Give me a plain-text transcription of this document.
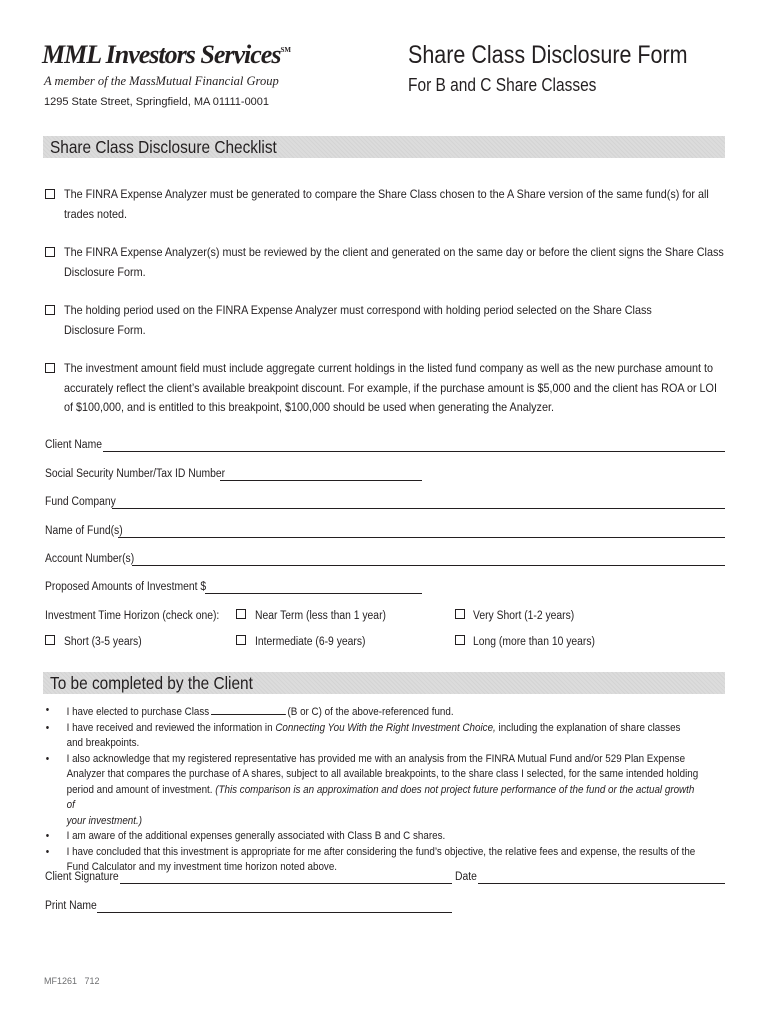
MML Investors Services℠
A member of the MassMutual Financial Group
1295 State Street, Springfield, MA 01111-0001
Share Class Disclosure Form
For B and C Share Classes
Share Class Disclosure Checklist
The FINRA Expense Analyzer must be generated to compare the Share Class chosen to the A Share version of the same fund(s) for all
trades noted.
The FINRA Expense Analyzer(s) must be reviewed by the client and generated on the same day or before the client signs the Share Class
Disclosure Form.
The holding period used on the FINRA Expense Analyzer must correspond with holding period selected on the Share Class
Disclosure Form.
The investment amount field must include aggregate current holdings in the listed fund company as well as the new purchase amount to
accurately reflect the client’s available breakpoint discount. For example, if the purchase amount is $5,000 and the client has ROA or LOI
of $100,000, and is entitled to this breakpoint, $100,000 should be used when generating the Analyzer.
Client Name
Social Security Number/Tax ID Number
Fund Company
Name of Fund(s)
Account Number(s)
Proposed Amounts of Investment $
Investment Time Horizon (check one):	Near Term (less than 1 year)	Very Short (1-2 years)
Short (3-5 years)	Intermediate (6-9 years)	Long (more than 10 years)
To be completed by the Client
• I have elected to purchase Class	(B or C) of the above-referenced fund.
• I have received and reviewed the information in Connecting You With the Right Investment Choice, including the explanation of share classes
and breakpoints.
• I also acknowledge that my registered representative has provided me with an analysis from the FINRA Mutual Fund and/or 529 Plan Expense
Analyzer that compares the purchase of A shares, subject to all available breakpoints, to the share class I selected, for the same intended holding
period and amount of investment. (This comparison is an approximation and does not project future performance of the fund or the actual growth of
your investment.)
• I am aware of the additional expenses generally associated with Class B and C shares.
• I have concluded that this investment is appropriate for me after considering the fund’s objective, the relative fees and expense, the results of the
Fund Calculator and my investment time horizon noted above.
Client Signature	Date
Print Name
MF1261   712
